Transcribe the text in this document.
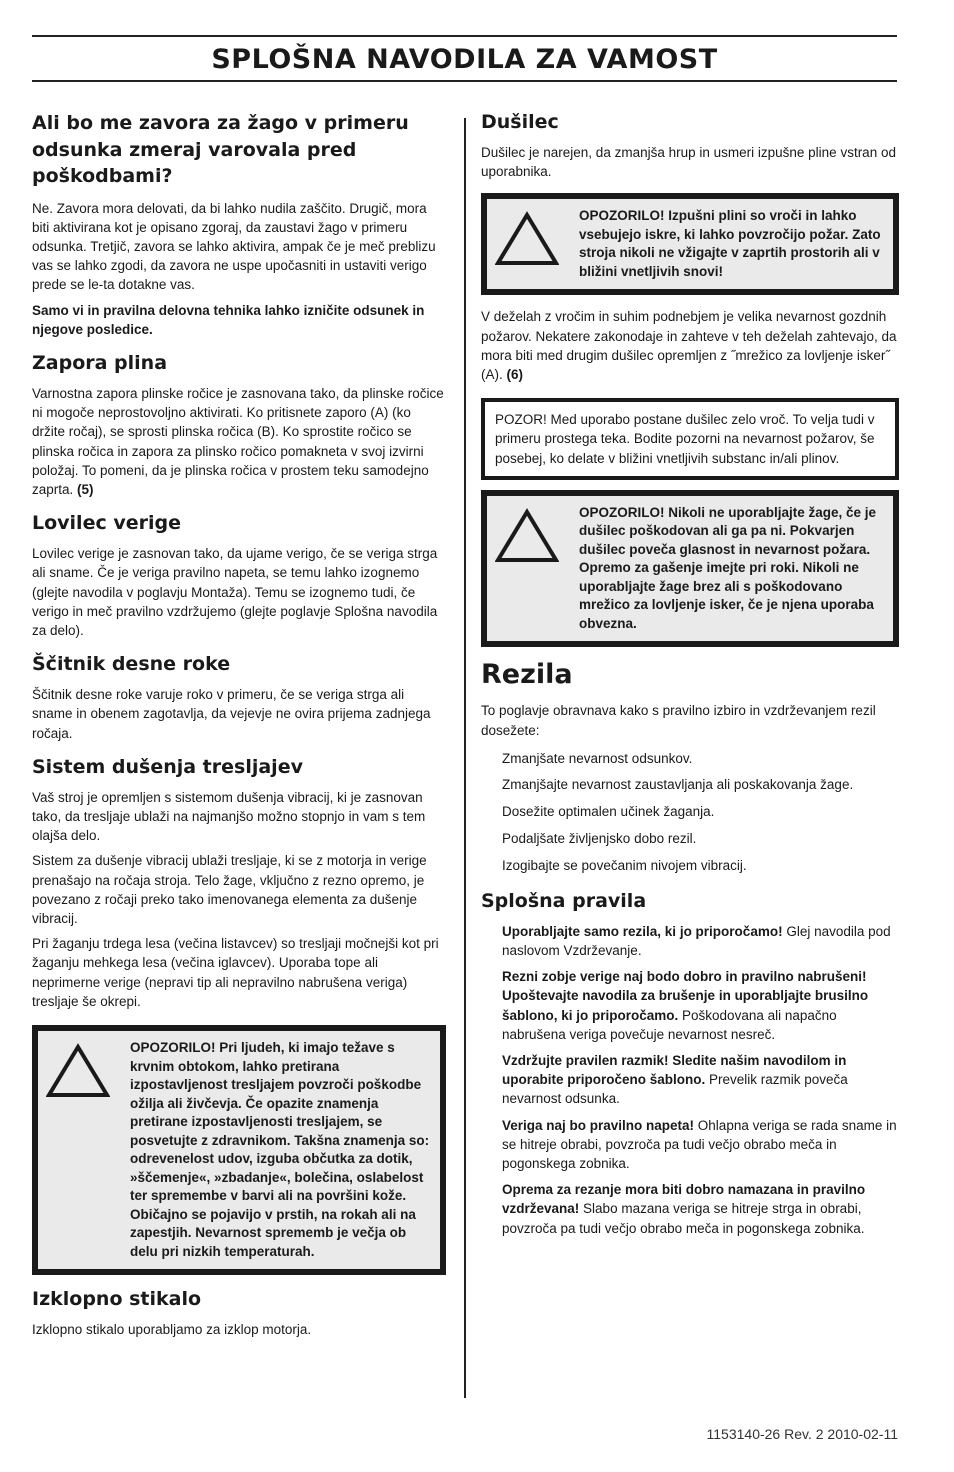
SPLOŠNA NAVODILA ZA VAMOST
Ali bo me zavora za žago v primeru odsunka zmeraj varovala pred poškodbami?

Ne. Zavora mora delovati, da bi lahko nudila zaščito. Drugič, mora biti aktivirana kot je opisano zgoraj, da zaustavi žago v primeru odsunka. Tretjič, zavora se lahko aktivira, ampak če je meč preblizu vas se lahko zgodi, da zavora ne uspe upočasniti in ustaviti verigo prede se le-ta dotakne vas.

Samo vi in pravilna delovna tehnika lahko izničite odsunek in njegove posledice.

Zapora plina

Varnostna zapora plinske ročice je zasnovana tako, da plinske ročice ni mogoče neprostovoljno aktivirati. Ko pritisnete zaporo (A) (ko držite ročaj), se sprosti plinska ročica (B). Ko sprostite ročico se plinska ročica in zapora za plinsko ročico pomakneta v svoj izvirni položaj. To pomeni, da je plinska ročica v prostem teku samodejno zaprta. (5)

Lovilec verige

Lovilec verige je zasnovan tako, da ujame verigo, če se veriga strga ali sname. Če je veriga pravilno napeta, se temu lahko izognemo (glejte navodila v poglavju Montaža). Temu se izognemo tudi, če verigo in meč pravilno vzdržujemo (glejte poglavje Splošna navodila za delo).

Ščitnik desne roke

Ščitnik desne roke varuje roko v primeru, če se veriga strga ali sname in obenem zagotavlja, da vejevje ne ovira prijema zadnjega ročaja.

Sistem dušenja tresljajev

Vaš stroj je opremljen s sistemom dušenja vibracij, ki je zasnovan tako, da tresljaje ublaži na najmanjšo možno stopnjo in vam s tem olajša delo.

Sistem za dušenje vibracij ublaži tresljaje, ki se z motorja in verige prenašajo na ročaja stroja. Telo žage, vključno z rezno opremo, je povezano z ročaji preko tako imenovanega elementa za dušenje vibracij.

Pri žaganju trdega lesa (večina listavcev) so tresljaji močnejši kot pri žaganju mehkega lesa (večina iglavcev). Uporaba tope ali neprimerne verige (nepravi tip ali nepravilno nabrušena veriga) tresljaje še okrepi.

OPOZORILO! Pri ljudeh, ki imajo težave s krvnim obtokom, lahko pretirana izpostavljenost tresljajem povzroči poškodbe ožilja ali živčevja. Če opazite znamenja pretirane izpostavljenosti tresljajem, se posvetujte z zdravnikom. Takšna znamenja so: odrevenelost udov, izguba občutka za dotik, »ščemenje«, »zbadanje«, bolečina, oslabelost ter spremembe v barvi ali na površini kože. Običajno se pojavijo v prstih, na rokah ali na zapestjih. Nevarnost sprememb je večja ob delu pri nizkih temperaturah.
Izklopno stikalo

Izklopno stikalo uporabljamo za izklop motorja.

Dušilec

Dušilec je narejen, da zmanjša hrup in usmeri izpušne pline vstran od uporabnika.

OPOZORILO! Izpušni plini so vroči in lahko vsebujejo iskre, ki lahko povzročijo požar. Zato stroja nikoli ne vžigajte v zaprtih prostorih ali v bližini vnetljivih snovi!

V deželah z vročim in suhim podnebjem je velika nevarnost gozdnih požarov. Nekatere zakonodaje in zahteve v teh deželah zahtevajo, da mora biti med drugim dušilec opremljen z ˝mrežico za lovljenje isker˝ (A). (6)

POZOR! Med uporabo postane dušilec zelo vroč. To velja tudi v primeru prostega teka. Bodite pozorni na nevarnost požarov, še posebej, ko delate v bližini vnetljivih substanc in/ali plinov.
OPOZORILO! Nikoli ne uporabljajte žage, če je dušilec poškodovan ali ga pa ni. Pokvarjen dušilec poveča glasnost in nevarnost požara. Opremo za gašenje imejte pri roki. Nikoli ne uporabljajte žage brez ali s poškodovano mrežico za lovljenje isker, če je njena uporaba obvezna.
Rezila

To poglavje obravnava kako s pravilno izbiro in vzdrževanjem rezil dosežete:

Zmanjšate nevarnost odsunkov.

Zmanjšajte nevarnost zaustavljanja ali poskakovanja žage.

Dosežite optimalen učinek žaganja.

Podaljšate življenjsko dobo rezil.

Izogibajte se povečanim nivojem vibracij.

Splošna pravila

Uporabljajte samo rezila, ki jo priporočamo! Glej navodila pod naslovom Vzdrževanje.

Rezni zobje verige naj bodo dobro in pravilno nabrušeni! Upoštevajte navodila za brušenje in uporabljajte brusilno šablono, ki jo priporočamo. Poškodovana ali napačno nabrušena veriga povečuje nevarnost nesreč.

Vzdržujte pravilen razmik! Sledite našim navodilom in uporabite priporočeno šablono. Prevelik razmik poveča nevarnost odsunka.

Veriga naj bo pravilno napeta! Ohlapna veriga se rada sname in se hitreje obrabi, povzroča pa tudi večjo obrabo meča in pogonskega zobnika.

Oprema za rezanje mora biti dobro namazana in pravilno vzdrževana! Slabo mazana veriga se hitreje strga in obrabi, povzroča pa tudi večjo obrabo meča in pogonskega zobnika.

1153140-26 Rev. 2 2010-02-11
